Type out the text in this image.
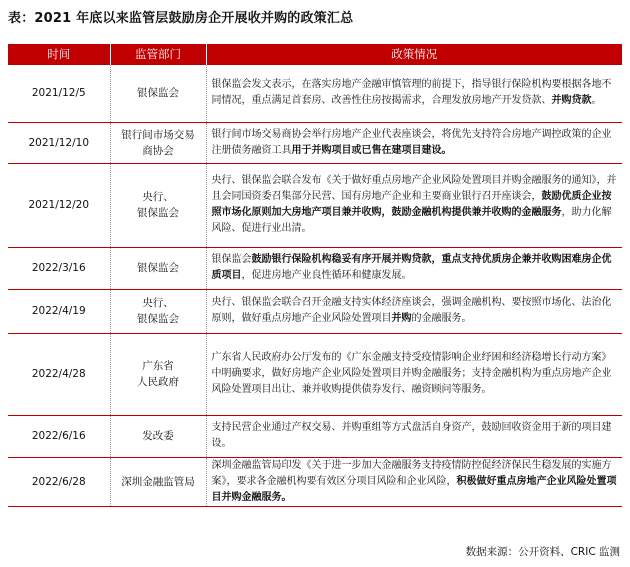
表：2021 年底以来监管层鼓励房企开展收并购的政策汇总
时间	监管部门	政策情况
2021/12/5	银保监会	银保监会发文表示，在落实房地产金融审慎管理的前提下，指导银行保险机构要根据各地不同情况，重点满足首套房、改善性住房按揭需求，合理发放房地产开发贷款、并购贷款。
2021/12/10	银行间市场交易
商协会	银行间市场交易商协会举行房地产企业代表座谈会，将优先支持符合房地产调控政策的企业注册债务融资工具用于并购项目或已售在建项目建设。
2021/12/20	央行、
银保监会	央行、银保监会联合发布《关于做好重点房地产企业风险处置项目并购金融服务的通知》，并且会同国资委召集部分民营、国有房地产企业和主要商业银行召开座谈会，鼓励优质企业按照市场化原则加大房地产项目兼并收购，鼓励金融机构提供兼并收购的金融服务，助力化解风险、促进行业出清。
2022/3/16	银保监会	银保监会鼓励银行保险机构稳妥有序开展并购贷款，重点支持优质房企兼并收购困难房企优质项目，促进房地产业良性循环和健康发展。
2022/4/19	央行、
银保监会	央行、银保监会联合召开金融支持实体经济座谈会，强调金融机构、要按照市场化、法治化原则，做好重点房地产企业风险处置项目并购的金融服务。
2022/4/28	广东省
人民政府	广东省人民政府办公厅发布的《广东金融支持受疫情影响企业纾困和经济稳增长行动方案》中明确要求，做好房地产企业风险处置项目并购金融服务；支持金融机构为重点房地产企业风险处置项目出让、兼并收购提供债券发行、融资顾问等服务。
2022/6/16	发改委	支持民营企业通过产权交易、并购重组等方式盘活自身资产，鼓励回收资金用于新的项目建设。
2022/6/28	深圳金融监管局	深圳金融监管局印发《关于进一步加大金融服务支持疫情防控促经济保民生稳发展的实施方案》，要求各金融机构要有效区分项目风险和企业风险，积极做好重点房地产企业风险处置项目并购金融服务。
数据来源：公开资料、CRIC 监测
